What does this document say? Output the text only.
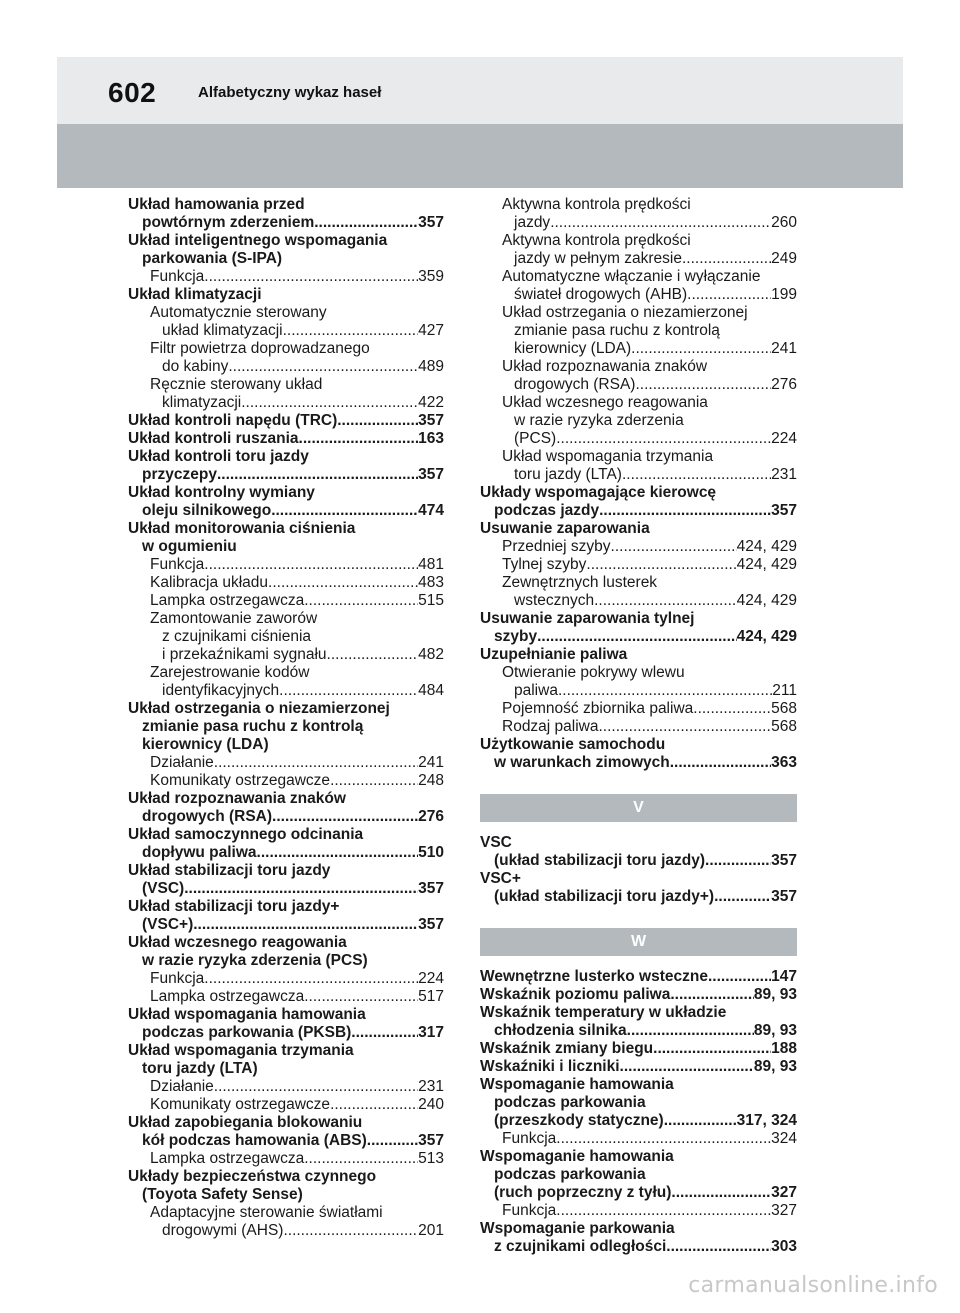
602	Alfabetyczny wykaz haseł
Układ hamowania przed
powtórnym zderzeniem .....	357
Układ inteligentnego wspomagania
parkowania (S-IPA)
Funkcja .....	359
Układ klimatyzacji
Automatycznie sterowany
układ klimatyzacji .....	427
Filtr powietrza doprowadzanego
do kabiny .....	489
Ręcznie sterowany układ
klimatyzacji .....	422
Układ kontroli napędu (TRC) .....	357
Układ kontroli ruszania .....	163
Układ kontroli toru jazdy
przyczepy .....	357
Układ kontrolny wymiany
oleju silnikowego .....	474
Układ monitorowania ciśnienia
w ogumieniu
Funkcja .....	481
Kalibracja układu .....	483
Lampka ostrzegawcza .....	515
Zamontowanie zaworów
z czujnikami ciśnienia
i przekaźnikami sygnału .....	482
Zarejestrowanie kodów
identyfikacyjnych .....	484
Układ ostrzegania o niezamierzonej
zmianie pasa ruchu z kontrolą
kierownicy (LDA)
Działanie .....	241
Komunikaty ostrzegawcze .....	248
Układ rozpoznawania znaków
drogowych (RSA) .....	276
Układ samoczynnego odcinania
dopływu paliwa .....	510
Układ stabilizacji toru jazdy
(VSC) .....	357
Układ stabilizacji toru jazdy+
(VSC+) .....	357
Układ wczesnego reagowania
w razie ryzyka zderzenia (PCS)
Funkcja .....	224
Lampka ostrzegawcza .....	517
Układ wspomagania hamowania
podczas parkowania (PKSB) .....	317
Układ wspomagania trzymania
toru jazdy (LTA)
Działanie .....	231
Komunikaty ostrzegawcze .....	240
Układ zapobiegania blokowaniu
kół podczas hamowania (ABS) .....	357
Lampka ostrzegawcza .....	513
Układy bezpieczeństwa czynnego
(Toyota Safety Sense)
Adaptacyjne sterowanie światłami
drogowymi (AHS) .....	201
Aktywna kontrola prędkości
jazdy .....	260
Aktywna kontrola prędkości
jazdy w pełnym zakresie .....	249
Automatyczne włączanie i wyłączanie
świateł drogowych (AHB) .....	199
Układ ostrzegania o niezamierzonej
zmianie pasa ruchu z kontrolą
kierownicy (LDA) .....	241
Układ rozpoznawania znaków
drogowych (RSA) .....	276
Układ wczesnego reagowania
w razie ryzyka zderzenia
(PCS) .....	224
Układ wspomagania trzymania
toru jazdy (LTA) .....	231
Układy wspomagające kierowcę
podczas jazdy .....	357
Usuwanie zaparowania
Przedniej szyby .....	424, 429
Tylnej szyby .....	424, 429
Zewnętrznych lusterek
wstecznych .....	424, 429
Usuwanie zaparowania tylnej
szyby .....	424, 429
Uzupełnianie paliwa
Otwieranie pokrywy wlewu
paliwa .....	211
Pojemność zbiornika paliwa .....	568
Rodzaj paliwa .....	568
Użytkowanie samochodu
w warunkach zimowych .....	363
V
VSC
(układ stabilizacji toru jazdy) .....	357
VSC+
(układ stabilizacji toru jazdy+) .....	357
W
Wewnętrzne lusterko wsteczne .....	147
Wskaźnik poziomu paliwa .....	89, 93
Wskaźnik temperatury w układzie
chłodzenia silnika .....	89, 93
Wskaźnik zmiany biegu .....	188
Wskaźniki i liczniki .....	89, 93
Wspomaganie hamowania
podczas parkowania
(przeszkody statyczne) .....	317, 324
Funkcja .....	324
Wspomaganie hamowania
podczas parkowania
(ruch poprzeczny z tyłu) .....	327
Funkcja .....	327
Wspomaganie parkowania
z czujnikami odległości .....	303
carmanualsonline.info
